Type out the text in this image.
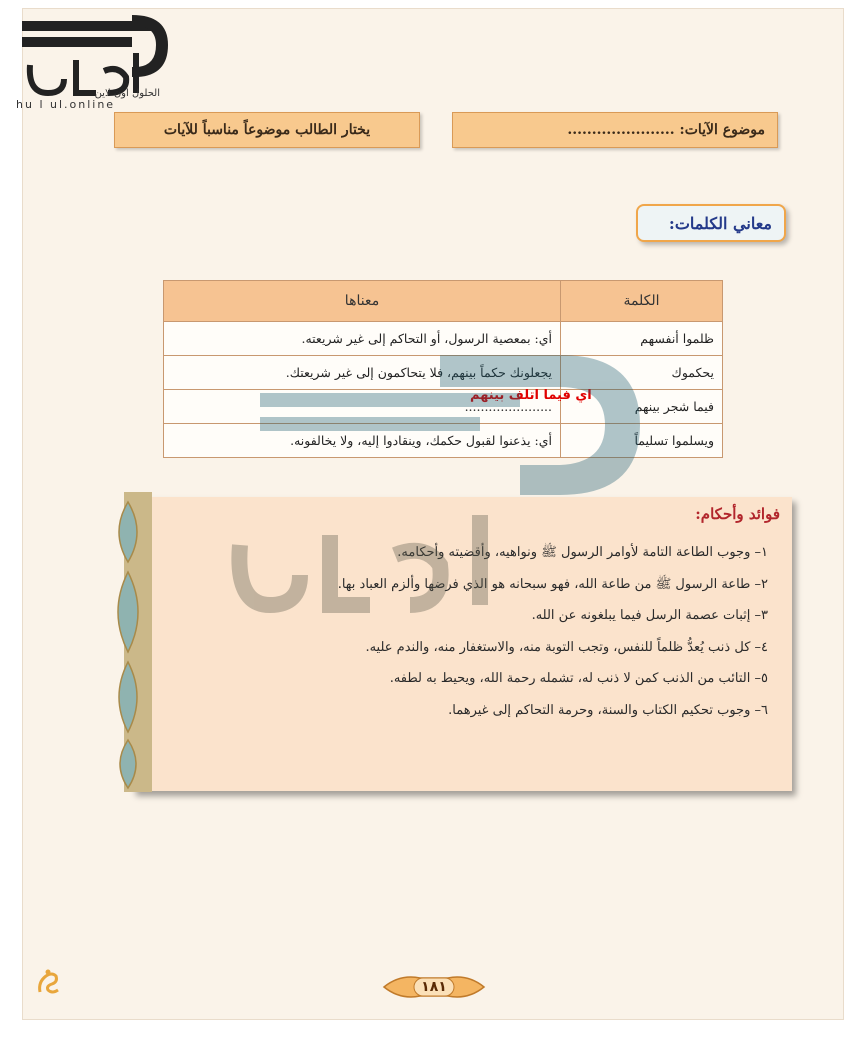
الحلول اون لاين
hu l ul.online
موضوع الآيات: ......................
يختار الطالب موضوعاً مناسباً للآيات
معاني الكلمات:
الكلمة	معناها
ظلموا أنفسهم	أي: بمعصية الرسول، أو التحاكم إلى غير شريعته.
يحكموك	يجعلونك حكماً بينهم، فلا يتحاكمون إلى غير شريعتك.
فيما شجر بينهم	......................
ويسلموا تسليماً	أي: يذعنوا لقبول حكمك، وينقادوا إليه، ولا يخالفونه.
اي فيما اتلف بينهم
فوائد وأحكام:
١– وجوب الطاعة التامة لأوامر الرسول ﷺ ونواهيه، وأقضيته وأحكامه.
٢– طاعة الرسول ﷺ من طاعة الله، فهو سبحانه هو الذي فرضها وألزم العباد بها.
٣– إثبات عصمة الرسل فيما يبلغونه عن الله.
٤– كل ذنب يُعدُّ ظلماً للنفس، وتجب التوبة منه، والاستغفار منه، والندم عليه.
٥– التائب من الذنب كمن لا ذنب له، تشمله رحمة الله، ويحيط به لطفه.
٦– وجوب تحكيم الكتاب والسنة، وحرمة التحاكم إلى غيرهما.
١٨١
